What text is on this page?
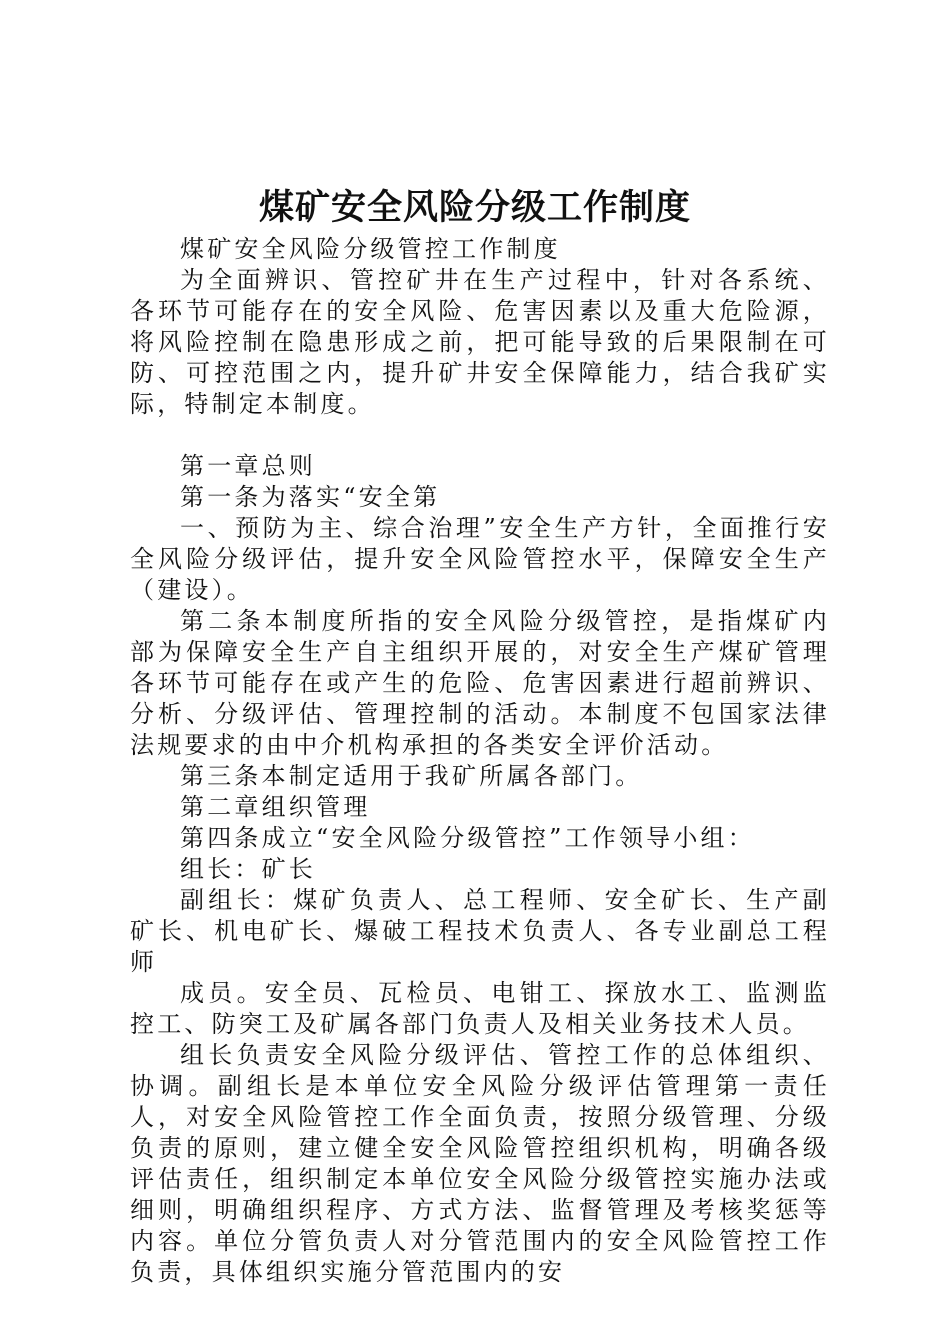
煤矿安全风险分级工作制度

煤矿安全风险分级管控工作制度

为全面辨识、管控矿井在生产过程中，针对各系统、各环节可能存在的安全风险、危害因素以及重大危险源，将风险控制在隐患形成之前，把可能导致的后果限制在可防、可控范围之内，提升矿井安全保障能力，结合我矿实际，特制定本制度。

第一章总则

第一条为落实“安全第

一、预防为主、综合治理”安全生产方针，全面推行安全风险分级评估，提升安全风险管控水平，保障安全生产（建设）。

第二条本制度所指的安全风险分级管控，是指煤矿内部为保障安全生产自主组织开展的，对安全生产煤矿管理各环节可能存在或产生的危险、危害因素进行超前辨识、分析、分级评估、管理控制的活动。本制度不包国家法律法规要求的由中介机构承担的各类安全评价活动。

第三条本制定适用于我矿所属各部门。

第二章组织管理

第四条成立“安全风险分级管控”工作领导小组：

组长：矿长

副组长：煤矿负责人、总工程师、安全矿长、生产副矿长、机电矿长、爆破工程技术负责人、各专业副总工程师

成员。安全员、瓦检员、电钳工、探放水工、监测监控工、防突工及矿属各部门负责人及相关业务技术人员。

组长负责安全风险分级评估、管控工作的总体组织、协调。副组长是本单位安全风险分级评估管理第一责任人，对安全风险管控工作全面负责，按照分级管理、分级负责的原则，建立健全安全风险管控组织机构，明确各级评估责任，组织制定本单位安全风险分级管控实施办法或细则，明确组织程序、方式方法、监督管理及考核奖惩等内容。单位分管负责人对分管范围内的安全风险管控工作负责，具体组织实施分管范围内的安
